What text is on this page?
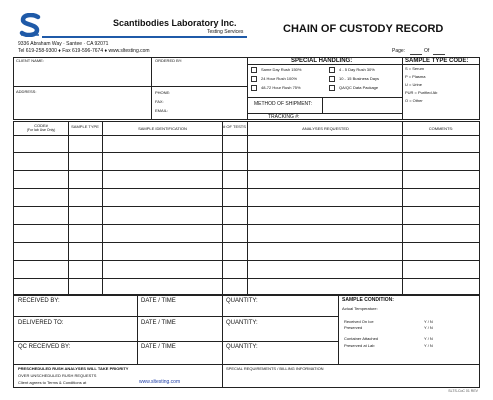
Scantibodies Laboratory Inc.
Testing Services
9336 Abraham Way · Santee · CA 92071
Tel 619-258-9300 ♦ Fax 619-596-7674 ♦ www.sltesting.com
CHAIN OF CUSTODY RECORD
Page:	Of
CLIENT NAME:	ORDERED BY:
ADDRESS:	PHONE:
FAX:
EMAIL:
SPECIAL HANDLING:
Same Day Rush 150%
24 Hour Rush 100%
48-72 Hour Rush 75%
4 - 5 Day Rush 30%
10 - 15 Business Days
QA/QC Data Package
METHOD OF SHIPMENT:
TRACKING #:
SAMPLE TYPE CODE:
S = Serum
P = Plasma
U = Urine
PUR = Purified Ab
O = Other
CODE#
(For lab Use Only)
SAMPLE TYPE	SAMPLE IDENTIFICATION	# OF TESTS	ANALYSES REQUESTED	COMMENTS:
RECEIVED BY:	DATE / TIME	QUANTITY:
DELIVERED TO:	DATE / TIME	QUANTITY:
QC RECEIVED BY:	DATE / TIME	QUANTITY:
SAMPLE CONDITION:
Actual Temperature:
Received On Ice	Y / N
Preserved	Y / N
Container Attached	Y / N
Preserved at Lab	Y / N
PRESCHEDULED RUSH ANALYSES WILL TAKE PRIORITY
OVER UNSCHEDULED RUSH REQUESTS
Client agrees to Terms & Conditions at	www.sltesting.com
SPECIAL REQUIREMENTS / BILLING INFORMATION
SLTS-CoC 01 REV
